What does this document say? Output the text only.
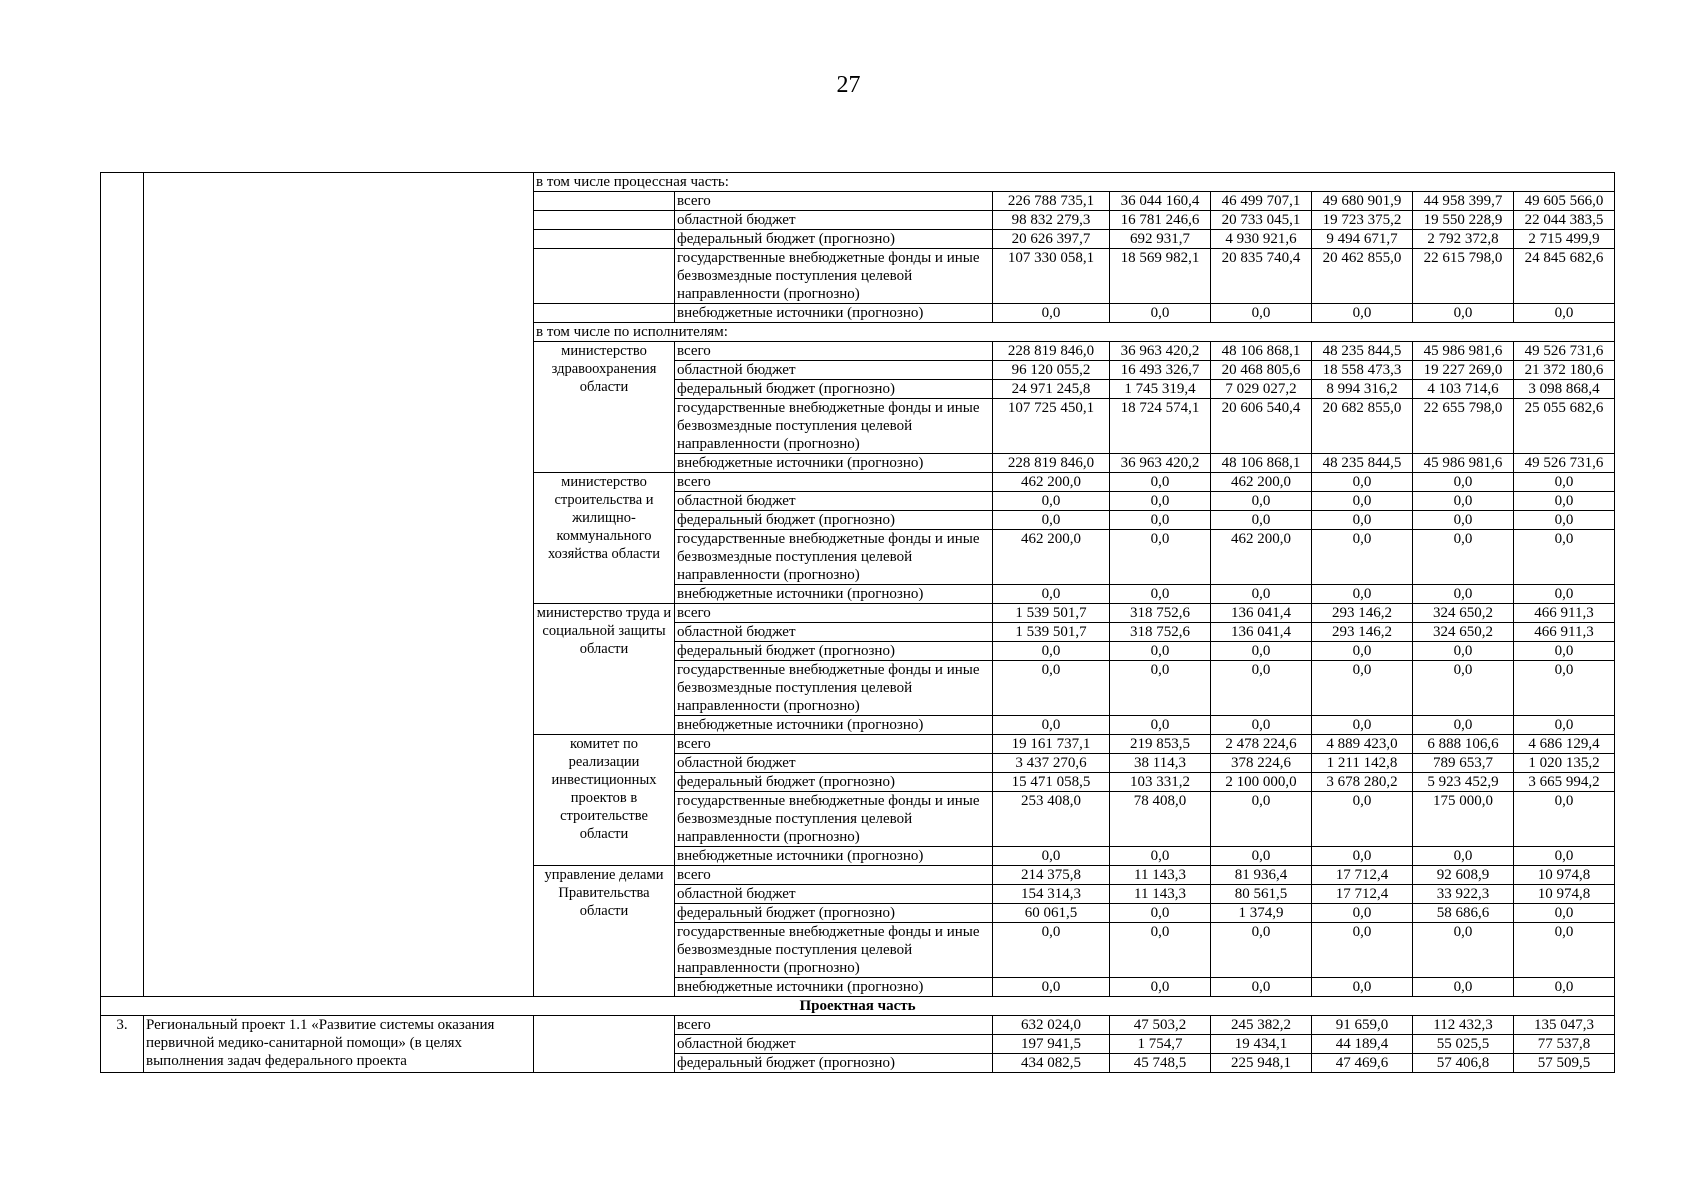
27
		в том числе процессная часть:							
			всего	226 788 735,1	36 044 160,4	46 499 707,1	49 680 901,9	44 958 399,7	49 605 566,0
			областной бюджет	98 832 279,3	16 781 246,6	20 733 045,1	19 723 375,2	19 550 228,9	22 044 383,5
			федеральный бюджет (прогнозно)	20 626 397,7	692 931,7	4 930 921,6	9 494 671,7	2 792 372,8	2 715 499,9
			государственные внебюджетные фонды и иные безвозмездные поступления целевой направленности (прогнозно)	107 330 058,1	18 569 982,1	20 835 740,4	20 462 855,0	22 615 798,0	24 845 682,6
			внебюджетные источники (прогнозно)	0,0	0,0	0,0	0,0	0,0	0,0
		в том числе по исполнителям:							
		министерство здравоохранения области	всего	228 819 846,0	36 963 420,2	48 106 868,1	48 235 844,5	45 986 981,6	49 526 731,6
			областной бюджет	96 120 055,2	16 493 326,7	20 468 805,6	18 558 473,3	19 227 269,0	21 372 180,6
			федеральный бюджет (прогнозно)	24 971 245,8	1 745 319,4	7 029 027,2	8 994 316,2	4 103 714,6	3 098 868,4
			государственные внебюджетные фонды и иные безвозмездные поступления целевой направленности (прогнозно)	107 725 450,1	18 724 574,1	20 606 540,4	20 682 855,0	22 655 798,0	25 055 682,6
			внебюджетные источники (прогнозно)	228 819 846,0	36 963 420,2	48 106 868,1	48 235 844,5	45 986 981,6	49 526 731,6
		министерство строительства и жилищно-коммунального хозяйства области	всего	462 200,0	0,0	462 200,0	0,0	0,0	0,0
			областной бюджет	0,0	0,0	0,0	0,0	0,0	0,0
			федеральный бюджет (прогнозно)	0,0	0,0	0,0	0,0	0,0	0,0
			государственные внебюджетные фонды и иные безвозмездные поступления целевой направленности (прогнозно)	462 200,0	0,0	462 200,0	0,0	0,0	0,0
			внебюджетные источники (прогнозно)	0,0	0,0	0,0	0,0	0,0	0,0
		министерство труда и социальной защиты области	всего	1 539 501,7	318 752,6	136 041,4	293 146,2	324 650,2	466 911,3
			областной бюджет	1 539 501,7	318 752,6	136 041,4	293 146,2	324 650,2	466 911,3
			федеральный бюджет (прогнозно)	0,0	0,0	0,0	0,0	0,0	0,0
			государственные внебюджетные фонды и иные безвозмездные поступления целевой направленности (прогнозно)	0,0	0,0	0,0	0,0	0,0	0,0
			внебюджетные источники (прогнозно)	0,0	0,0	0,0	0,0	0,0	0,0
		комитет по реализации инвестиционных проектов в строительстве области	всего	19 161 737,1	219 853,5	2 478 224,6	4 889 423,0	6 888 106,6	4 686 129,4
			областной бюджет	3 437 270,6	38 114,3	378 224,6	1 211 142,8	789 653,7	1 020 135,2
			федеральный бюджет (прогнозно)	15 471 058,5	103 331,2	2 100 000,0	3 678 280,2	5 923 452,9	3 665 994,2
			государственные внебюджетные фонды и иные безвозмездные поступления целевой направленности (прогнозно)	253 408,0	78 408,0	0,0	0,0	175 000,0	0,0
			внебюджетные источники (прогнозно)	0,0	0,0	0,0	0,0	0,0	0,0
		управление делами Правительства области	всего	214 375,8	11 143,3	81 936,4	17 712,4	92 608,9	10 974,8
			областной бюджет	154 314,3	11 143,3	80 561,5	17 712,4	33 922,3	10 974,8
			федеральный бюджет (прогнозно)	60 061,5	0,0	1 374,9	0,0	58 686,6	0,0
			государственные внебюджетные фонды и иные безвозмездные поступления целевой направленности (прогнозно)	0,0	0,0	0,0	0,0	0,0	0,0
			внебюджетные источники (прогнозно)	0,0	0,0	0,0	0,0	0,0	0,0
Проектная часть									
3.	Региональный проект 1.1 «Развитие системы оказания первичной медико-санитарной помощи» (в целях выполнения задач федерального проекта		всего	632 024,0	47 503,2	245 382,2	91 659,0	112 432,3	135 047,3
			областной бюджет	197 941,5	1 754,7	19 434,1	44 189,4	55 025,5	77 537,8
			федеральный бюджет (прогнозно)	434 082,5	45 748,5	225 948,1	47 469,6	57 406,8	57 509,5
